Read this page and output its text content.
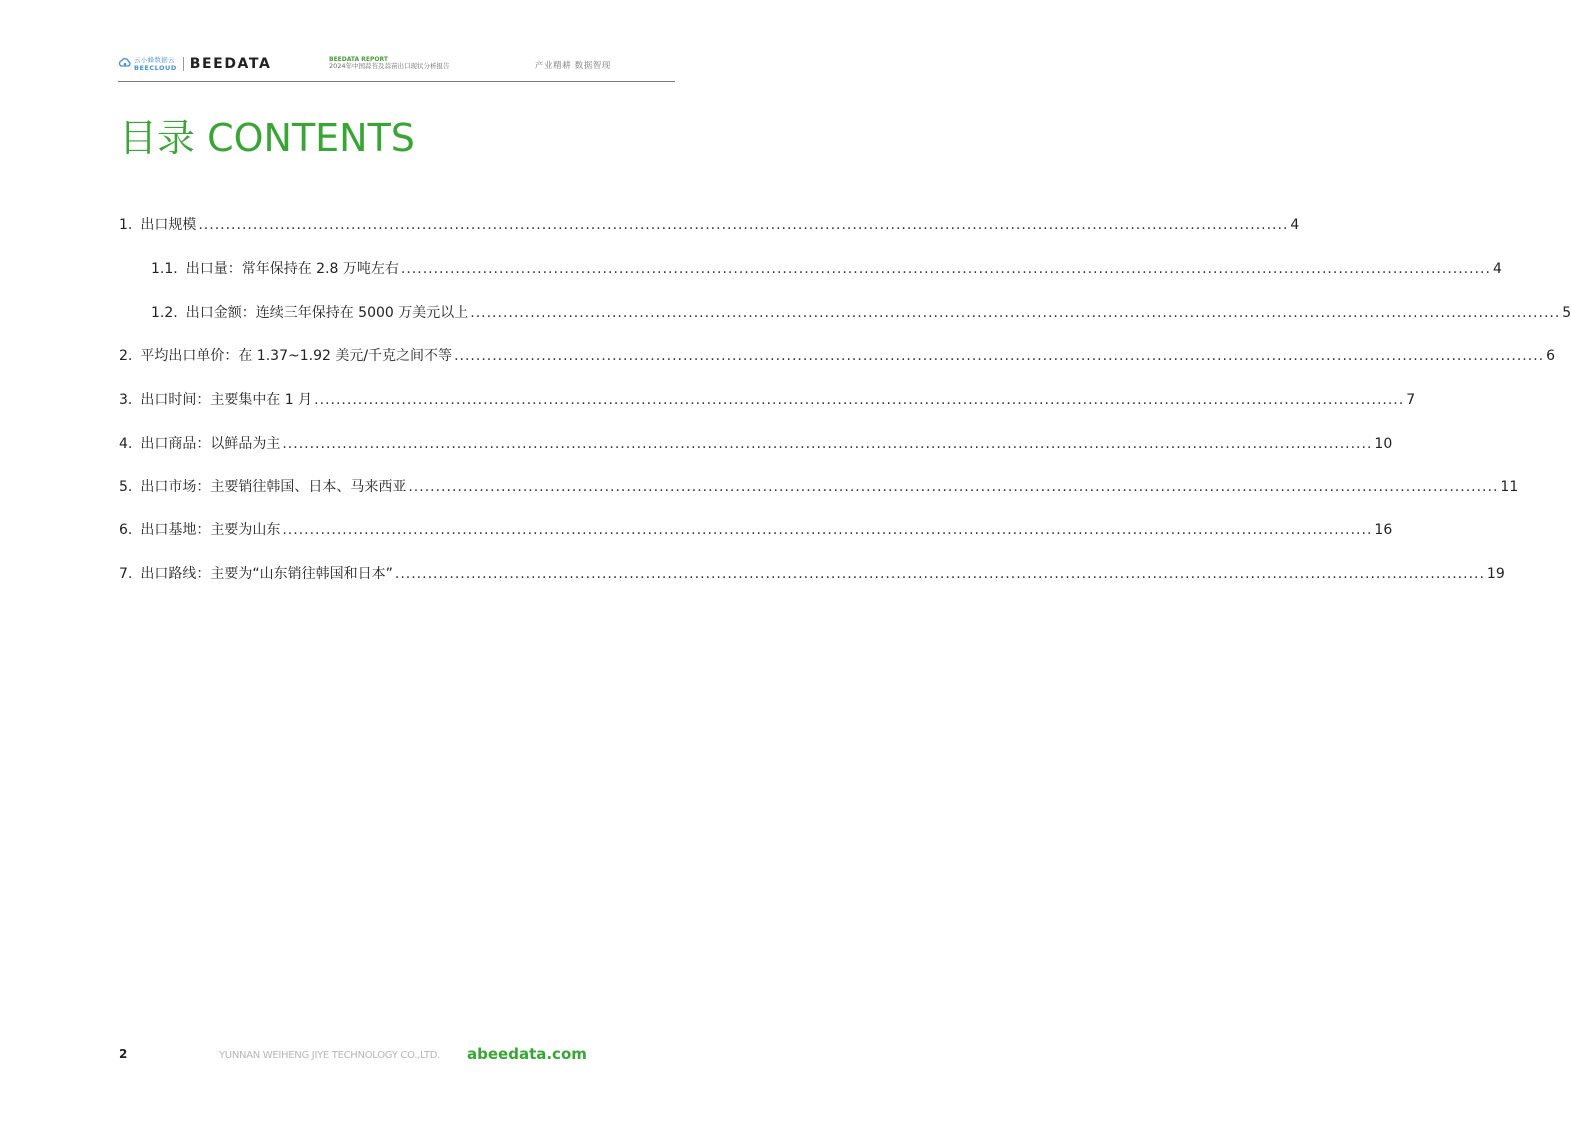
云小蜂数据云
BEECLOUD BEEDATA	BEEDATA REPORT
2024年中国蒜苔及蒜苗出口现状分析报告	产业精耕 数据智现
目录 CONTENTS
1. 出口规模 ........................................................................................................................................................................................................ 4
1.1. 出口量：常年保持在 2.8 万吨左右 ........................................................................................................................................................................................................ 4
1.2. 出口金额：连续三年保持在 5000 万美元以上 ........................................................................................................................................................................................................ 5
2. 平均出口单价：在 1.37~1.92 美元/千克之间不等 ........................................................................................................................................................................................................ 6
3. 出口时间：主要集中在 1 月 ........................................................................................................................................................................................................ 7
4. 出口商品：以鲜品为主 ........................................................................................................................................................................................................ 10
5. 出口市场：主要销往韩国、日本、马来西亚 ........................................................................................................................................................................................................ 11
6. 出口基地：主要为山东 ........................................................................................................................................................................................................ 16
7. 出口路线：主要为“山东销往韩国和日本” ........................................................................................................................................................................................................ 19
2	YUNNAN WEIHENG JIYE TECHNOLOGY CO.,LTD. abeedata.com
